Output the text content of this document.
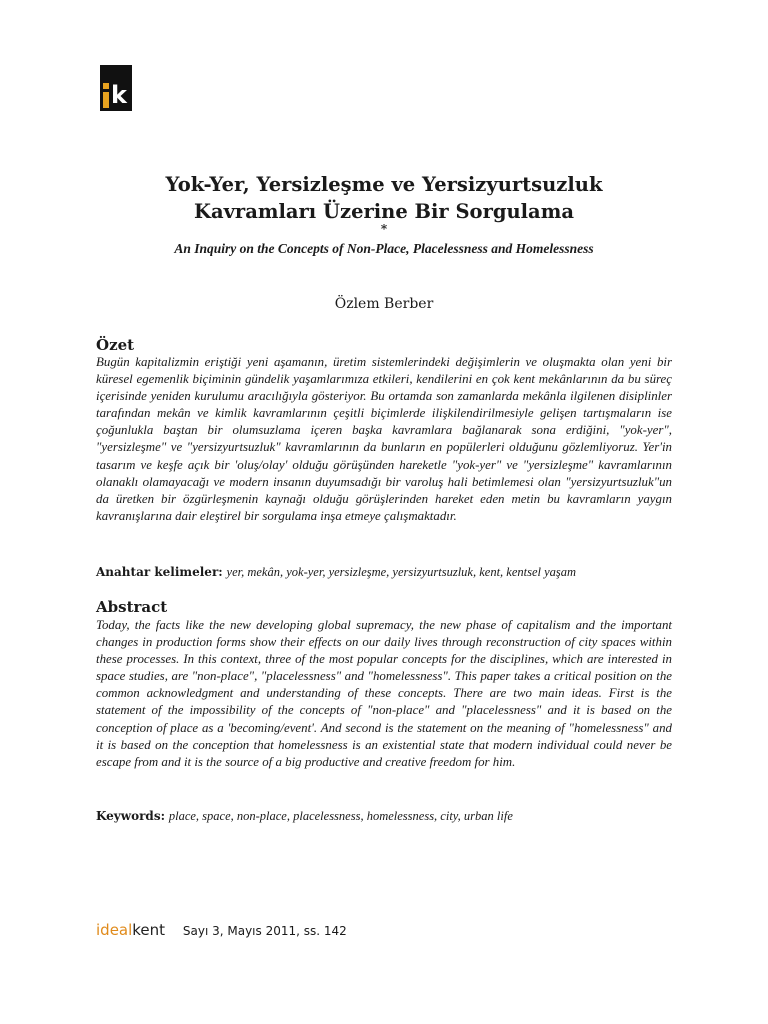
k
Yok-Yer, Yersizleşme ve Yersizyurtsuzluk
Kavramları Üzerine Bir Sorgulama
*
An Inquiry on the Concepts of Non-Place, Placelessness and Homelessness
Özlem Berber
Özet

Bugün kapitalizmin eriştiği yeni aşamanın, üretim sistemlerindeki değişimlerin ve oluşmakta olan yeni bir küresel egemenlik biçiminin gündelik yaşamlarımıza etkileri, kendilerini en çok kent mekânlarının da bu süreç içerisinde yeniden kurulumu aracılığıyla gösteriyor. Bu ortamda son zamanlarda mekânla ilgilenen disiplinler tarafından mekân ve kimlik kavramlarının çeşitli biçimlerde ilişkilendirilmesiyle gelişen tartışmaların ise çoğunlukla baştan bir olumsuzlama içeren başka kavramlara bağlanarak sona erdiğini, "yok-yer", "yersizleşme" ve "yersizyurtsuzluk" kavramlarının da bunların en popülerleri olduğunu gözlemliyoruz. Yer'in tasarım ve keşfe açık bir 'oluş/olay' olduğu görüşünden hareketle "yok-yer" ve "yersizleşme" kavramlarının olanaklı olamayacağı ve modern insanın duyumsadığı bir varoluş hali betimlemesi olan "yersizyurtsuzluk"un da üretken bir özgürleşmenin kaynağı olduğu görüşlerinden hareket eden metin bu kavramların yaygın kavranışlarına dair eleştirel bir sorgulama inşa etmeye çalışmaktadır.

Anahtar kelimeler: yer, mekân, yok-yer, yersizleşme, yersizyurtsuzluk, kent, kentsel yaşam

Abstract

Today, the facts like the new developing global supremacy, the new phase of capitalism and the important changes in production forms show their effects on our daily lives through reconstruction of city spaces within these processes. In this context, three of the most popular concepts for the disciplines, which are interested in space studies, are "non-place", "placelessness" and "homelessness". This paper takes a critical position on the common acknowledgment and understanding of these concepts. There are two main ideas. First is the statement of the impossibility of the concepts of "non-place" and "placelessness" and it is based on the conception of place as a 'becoming/event'. And second is the statement on the meaning of "homelessness" and it is based on the conception that homelessness is an existential state that modern individual could never be escape from and it is the source of a big productive and creative freedom for him.

Keywords: place, space, non-place, placelessness, homelessness, city, urban life

idealkent Sayı 3, Mayıs 2011, ss. 142
